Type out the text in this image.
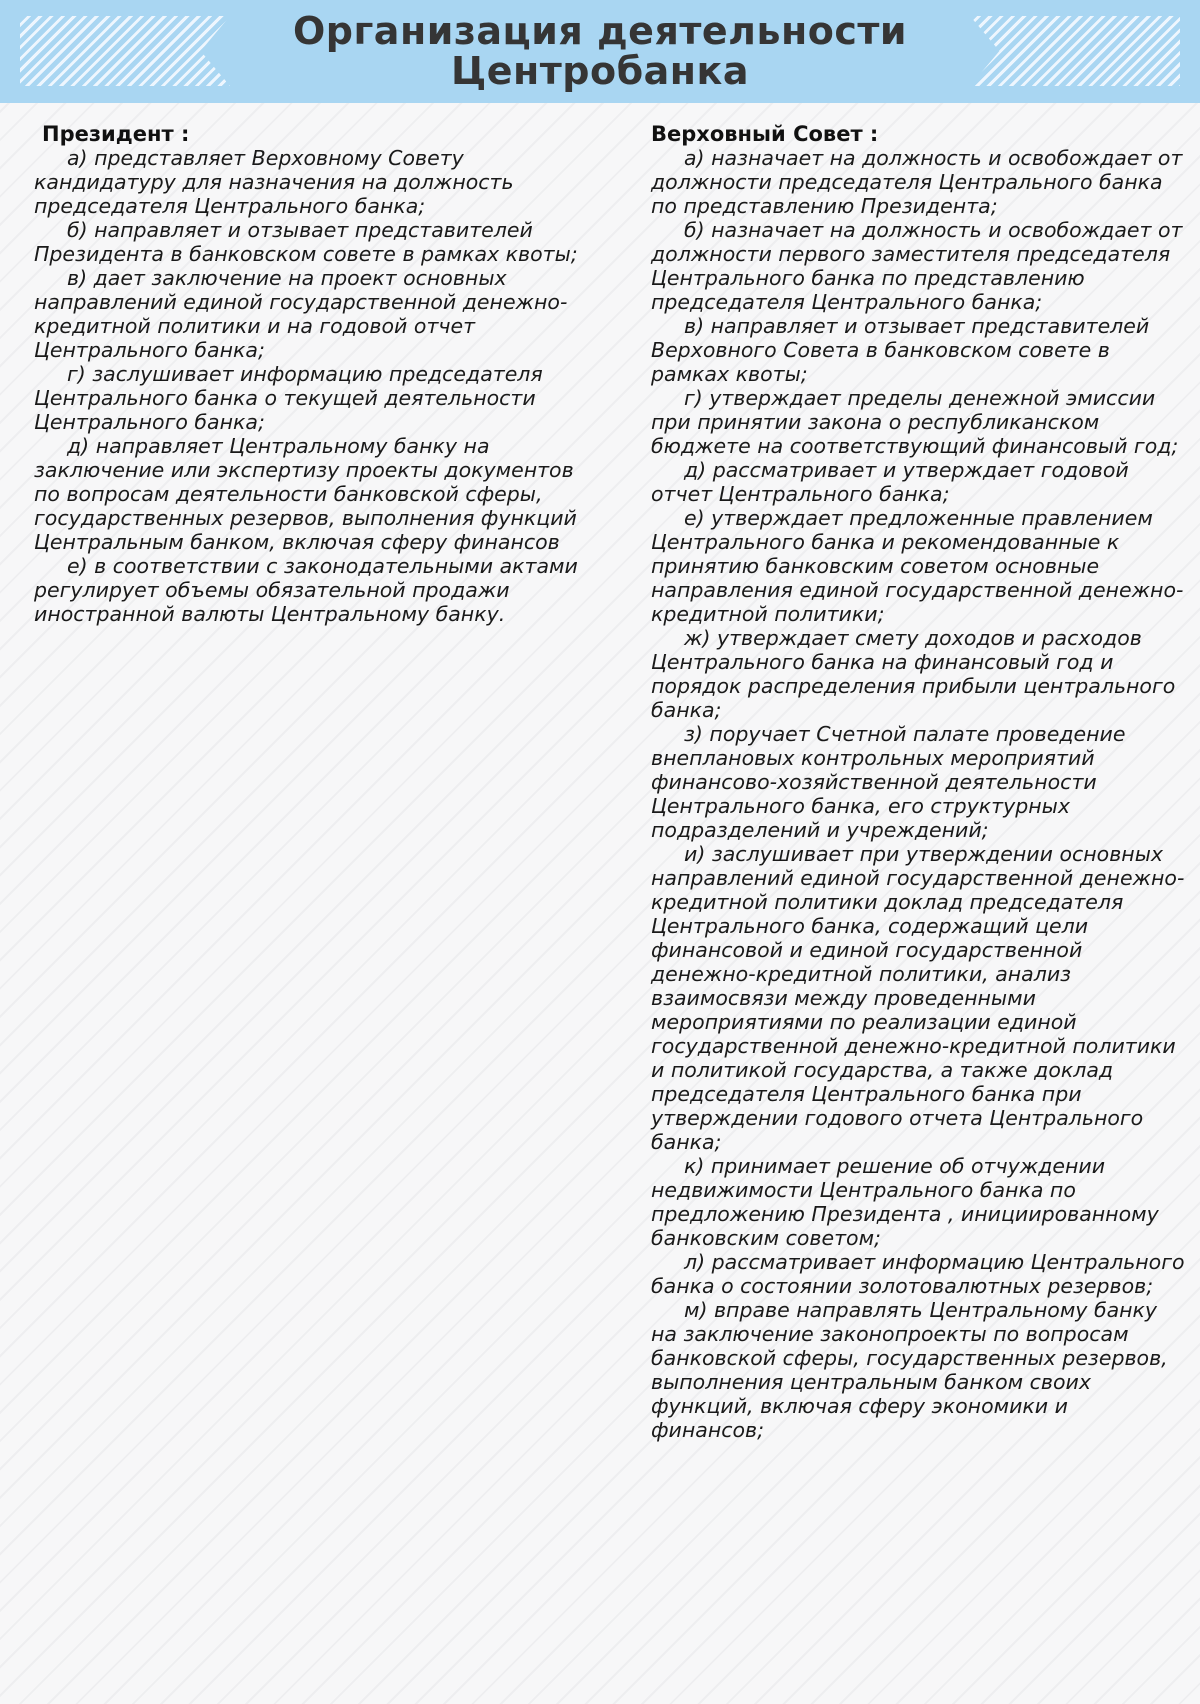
Организация деятельности
Центробанка
Президент :

а) представляет Верховному Совету кандидатуру для назначения на должность председателя Центрального банка;

б) направляет и отзывает представителей Президента в банковском совете в рамках квоты;

в) дает заключение на проект основных направлений единой государственной денежно-кредитной политики и на годовой отчет Центрального банка;

г) заслушивает информацию председателя Центрального банка о текущей деятельности Центрального банка;

д) направляет Центральному банку на заключение или экспертизу проекты документов по вопросам деятельности банковской сферы, государственных резервов, выполнения функций Центральным банком, включая сферу финансов

е) в соответствии с законодательными актами регулирует объемы обязательной продажи иностранной валюты Центральному банку.

Верховный Совет :

а) назначает на должность и освобождает от должности председателя Центрального банка по представлению Президента;

б) назначает на должность и освобождает от должности первого заместителя председателя Центрального банка по представлению председателя Центрального банка;

в) направляет и отзывает представителей Верховного Совета в банковском совете в рамках квоты;

г) утверждает пределы денежной эмиссии при принятии закона о республиканском бюджете на соответствующий финансовый год;

д) рассматривает и утверждает годовой отчет Центрального банка;

е) утверждает предложенные правлением Центрального банка и рекомендованные к принятию банковским советом основные направления единой государственной денежно-кредитной политики;

ж) утверждает смету доходов и расходов Центрального банка на финансовый год и порядок распределения прибыли центрального банка;

з) поручает Счетной палате проведение внеплановых контрольных мероприятий финансово-хозяйственной деятельности Центрального банка, его структурных подразделений и учреждений;

и) заслушивает при утверждении основных направлений единой государственной денежно-кредитной политики доклад председателя Центрального банка, содержащий цели финансовой и единой государственной денежно-кредитной политики, анализ взаимосвязи между проведенными мероприятиями по реализации единой государственной денежно-кредитной политики и политикой государства, а также доклад председателя Центрального банка при утверждении годового отчета Центрального банка;

к) принимает решение об отчуждении недвижимости Центрального банка по предложению Президента , инициированному банковским советом;

л) рассматривает информацию Центрального банка о состоянии золотовалютных резервов;

м) вправе направлять Центральному банку на заключение законопроекты по вопросам банковской сферы, государственных резервов, выполнения центральным банком своих функций, включая сферу экономики и финансов;
